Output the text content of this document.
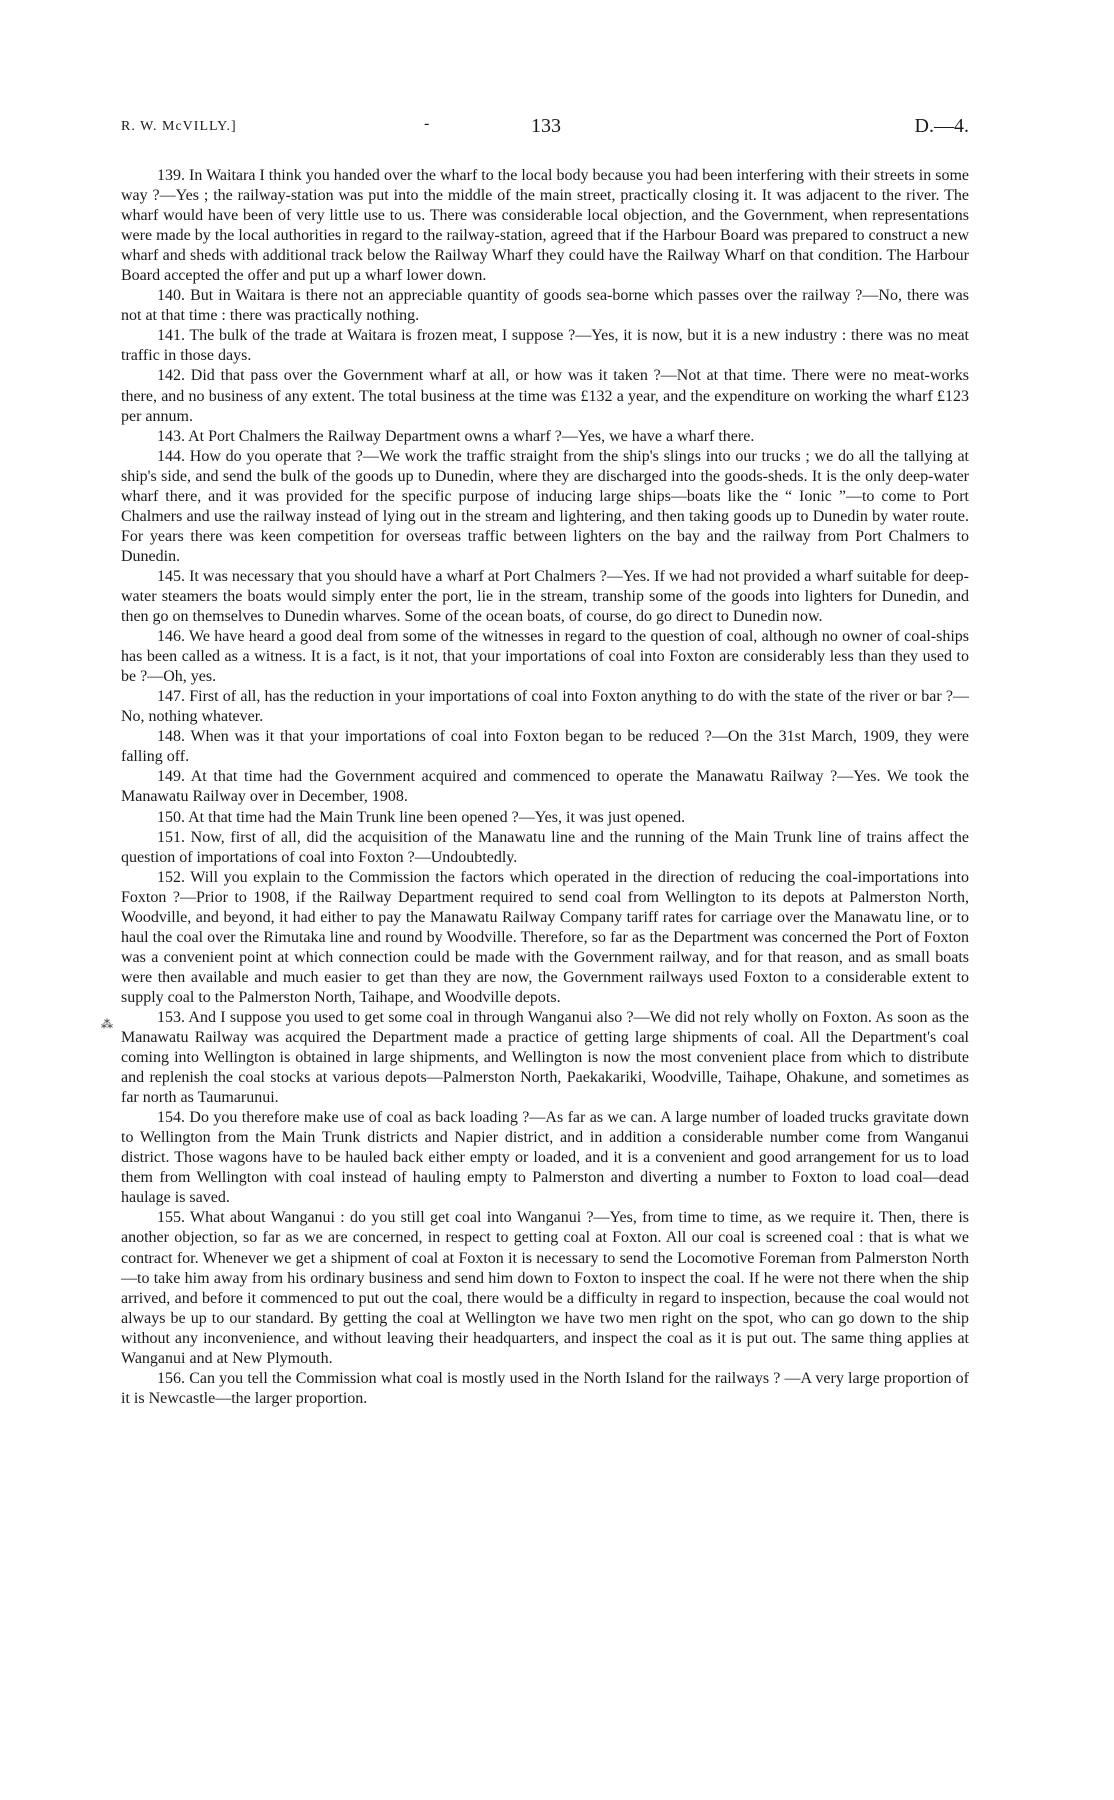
R. W. McVILLY.]	-	133	D.—4.
⁂

139. In Waitara I think you handed over the wharf to the local body because you had been interfering with their streets in some way ?—Yes ; the railway-station was put into the middle of the main street, practically closing it. It was adjacent to the river. The wharf would have been of very little use to us. There was considerable local objection, and the Government, when representations were made by the local authorities in regard to the railway-station, agreed that if the Harbour Board was prepared to construct a new wharf and sheds with additional track below the Railway Wharf they could have the Railway Wharf on that condition. The Harbour Board accepted the offer and put up a wharf lower down.

140. But in Waitara is there not an appreciable quantity of goods sea-borne which passes over the railway ?—No, there was not at that time : there was practically nothing.

141. The bulk of the trade at Waitara is frozen meat, I suppose ?—Yes, it is now, but it is a new industry : there was no meat traffic in those days.

142. Did that pass over the Government wharf at all, or how was it taken ?—Not at that time. There were no meat-works there, and no business of any extent. The total business at the time was £132 a year, and the expenditure on working the wharf £123 per annum.

143. At Port Chalmers the Railway Department owns a wharf ?—Yes, we have a wharf there.

144. How do you operate that ?—We work the traffic straight from the ship's slings into our trucks ; we do all the tallying at ship's side, and send the bulk of the goods up to Dunedin, where they are discharged into the goods-sheds. It is the only deep-water wharf there, and it was provided for the specific purpose of inducing large ships—boats like the “ Ionic ”—to come to Port Chalmers and use the railway instead of lying out in the stream and lightering, and then taking goods up to Dunedin by water route. For years there was keen competition for overseas traffic between lighters on the bay and the railway from Port Chalmers to Dunedin.

145. It was necessary that you should have a wharf at Port Chalmers ?—Yes. If we had not provided a wharf suitable for deep-water steamers the boats would simply enter the port, lie in the stream, tranship some of the goods into lighters for Dunedin, and then go on themselves to Dunedin wharves. Some of the ocean boats, of course, do go direct to Dunedin now.

146. We have heard a good deal from some of the witnesses in regard to the question of coal, although no owner of coal-ships has been called as a witness. It is a fact, is it not, that your importations of coal into Foxton are considerably less than they used to be ?—Oh, yes.

147. First of all, has the reduction in your importations of coal into Foxton anything to do with the state of the river or bar ?—No, nothing whatever.

148. When was it that your importations of coal into Foxton began to be reduced ?—On the 31st March, 1909, they were falling off.

149. At that time had the Government acquired and commenced to operate the Manawatu Railway ?—Yes. We took the Manawatu Railway over in December, 1908.

150. At that time had the Main Trunk line been opened ?—Yes, it was just opened.

151. Now, first of all, did the acquisition of the Manawatu line and the running of the Main Trunk line of trains affect the question of importations of coal into Foxton ?—Undoubtedly.

152. Will you explain to the Commission the factors which operated in the direction of reducing the coal-importations into Foxton ?—Prior to 1908, if the Railway Department required to send coal from Wellington to its depots at Palmerston North, Woodville, and beyond, it had either to pay the Manawatu Railway Company tariff rates for carriage over the Manawatu line, or to haul the coal over the Rimutaka line and round by Woodville. Therefore, so far as the Department was concerned the Port of Foxton was a convenient point at which connection could be made with the Government railway, and for that reason, and as small boats were then available and much easier to get than they are now, the Government railways used Foxton to a considerable extent to supply coal to the Palmerston North, Taihape, and Woodville depots.

153. And I suppose you used to get some coal in through Wanganui also ?—We did not rely wholly on Foxton. As soon as the Manawatu Railway was acquired the Department made a practice of getting large shipments of coal. All the Department's coal coming into Wellington is obtained in large shipments, and Wellington is now the most convenient place from which to distribute and replenish the coal stocks at various depots—Palmerston North, Paekakariki, Woodville, Taihape, Ohakune, and sometimes as far north as Taumarunui.

154. Do you therefore make use of coal as back loading ?—As far as we can. A large number of loaded trucks gravitate down to Wellington from the Main Trunk districts and Napier district, and in addition a considerable number come from Wanganui district. Those wagons have to be hauled back either empty or loaded, and it is a convenient and good arrangement for us to load them from Wellington with coal instead of hauling empty to Palmerston and diverting a number to Foxton to load coal—dead haulage is saved.

155. What about Wanganui : do you still get coal into Wanganui ?—Yes, from time to time, as we require it. Then, there is another objection, so far as we are concerned, in respect to getting coal at Foxton. All our coal is screened coal : that is what we contract for. Whenever we get a shipment of coal at Foxton it is necessary to send the Locomotive Foreman from Palmerston North —to take him away from his ordinary business and send him down to Foxton to inspect the coal. If he were not there when the ship arrived, and before it commenced to put out the coal, there would be a difficulty in regard to inspection, because the coal would not always be up to our standard. By getting the coal at Wellington we have two men right on the spot, who can go down to the ship without any inconvenience, and without leaving their headquarters, and inspect the coal as it is put out. The same thing applies at Wanganui and at New Plymouth.

156. Can you tell the Commission what coal is mostly used in the North Island for the railways ? —A very large proportion of it is Newcastle—the larger proportion.
